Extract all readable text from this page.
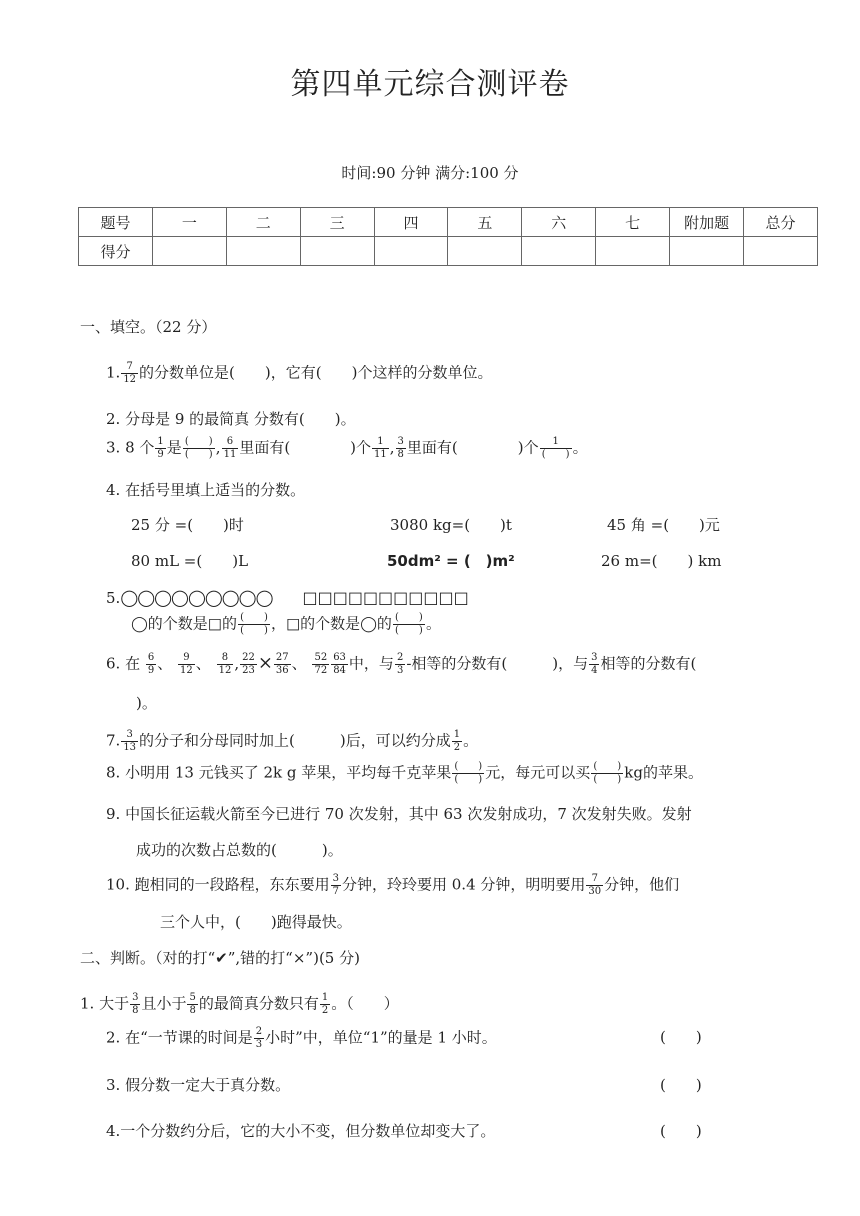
第四单元综合测评卷
时间:90 分钟 满分:100 分
题号	一	二	三	四	五	六	七	附加题	总分
得分									
一、填空。（22 分）
1. $\frac{7}{12}$ 的分数单位是(　　)，它有(　　)个这样的分数单位。
2. 分母是 9 的最简真 分数有(　　)。
3. 8 个 $\frac{1}{9}$ 是 $\frac{( )}{( )}$ , $\frac{6}{11}$ 里面有(　　　　)个 $\frac{1}{11}$ , $\frac{3}{8}$ 里面有(　　　　)个 $\frac{1}{( )}$ 。
4. 在括号里填上适当的分数。
25 分 =(　　)时	3080 kg=(　　)t	45 角 =(　　)元
80 mL =(　　)L	50dm² = (　)m²	26 m=(　　) km
5.◯◯◯◯◯◯◯◯◯ □□□□□□□□□□□
◯的个数是□的 $\frac{( )}{( )}$ ，□的个数是◯的 $\frac{( )}{( )}$ 。
6. 在 $\frac{6}{9}$ 、 $\frac{9}{12}$ 、 $\frac{8}{12}$ , $\frac{22}{23} \times \frac{27}{36}$ 、 $\frac{52}{72} \frac{63}{84}$ 中，与 $\frac{2}{3}$ -相等的分数有(　　　)，与 $\frac{3}{4}$ 相等的分数有(
)。
7. $\frac{3}{13}$ 的分子和分母同时加上(　　　)后，可以约分成 $\frac{1}{2}$ 。
8. 小明用 13 元钱买了 2k g 苹果，平均每千克苹果 $\frac{( )}{( )}$ 元，每元可以买 $\frac{( )}{( )}$ kg的苹果。
9. 中国长征运载火箭至今已进行 70 次发射，其中 63 次发射成功，7 次发射失败。发射
成功的次数占总数的(　　　)。
10. 跑相同的一段路程，东东要用 $\frac{3}{7}$ 分钟，玲玲要用 0.4 分钟，明明要用 $\frac{7}{30}$ 分钟，他们
三个人中，(　　)跑得最快。
二、判断。（对的打“✔”,错的打“×”)(5 分)
1. 大于 $\frac{3}{8}$ 且小于 $\frac{5}{8}$ 的最简真分数只有 $\frac{1}{2}$ 。（　　）
2. 在“一节课的时间是 $\frac{2}{3}$ 小时”中，单位“1”的量是 1 小时。	(　　)
3. 假分数一定大于真分数。	(　　)
4.一个分数约分后，它的大小不变，但分数单位却变大了。	(　　)
